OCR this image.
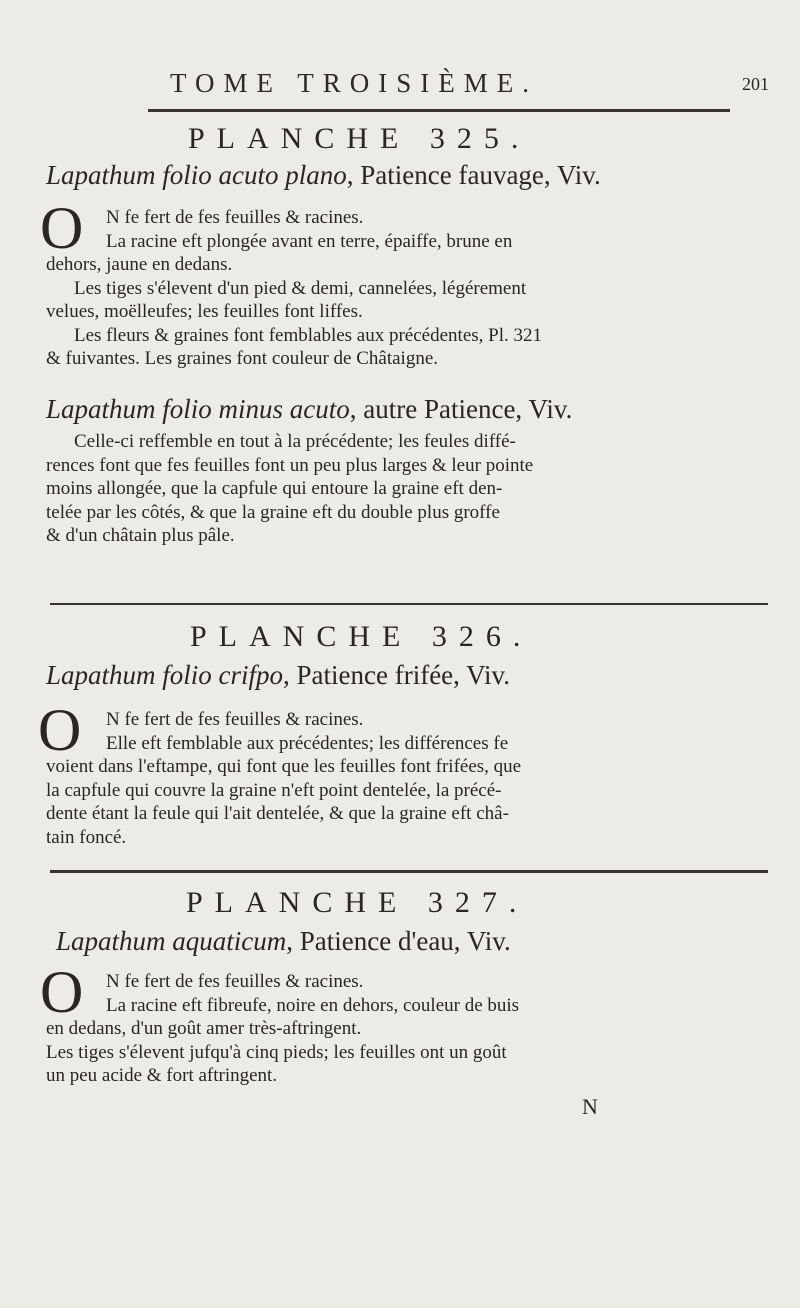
TOME TROISIÈME.	201
PLANCHE 325.
Lapathum folio acuto plano, Patience fauvage, Viv.
O	N fe fert de fes feuilles & racines.
La racine eft plongée avant en terre, épaiffe, brune en
dehors, jaune en dedans.
Les tiges s'élevent d'un pied & demi, cannelées, légérement
velues, moëlleufes; les feuilles font liffes.
Les fleurs & graines font femblables aux précédentes, Pl. 321
& fuivantes. Les graines font couleur de Châtaigne.
Lapathum folio minus acuto, autre Patience, Viv.
Celle-ci reffemble en tout à la précédente; les feules diffé-
rences font que fes feuilles font un peu plus larges & leur pointe
moins allongée, que la capfule qui entoure la graine eft den-
telée par les côtés, & que la graine eft du double plus groffe
& d'un châtain plus pâle.
PLANCHE 326.
Lapathum folio crifpo, Patience frifée, Viv.
O	N fe fert de fes feuilles & racines.
Elle eft femblable aux précédentes; les différences fe
voient dans l'eftampe, qui font que les feuilles font frifées, que
la capfule qui couvre la graine n'eft point dentelée, la précé-
dente étant la feule qui l'ait dentelée, & que la graine eft châ-
tain foncé.
PLANCHE 327.
Lapathum aquaticum, Patience d'eau, Viv.
O	N fe fert de fes feuilles & racines.
La racine eft fibreufe, noire en dehors, couleur de buis
en dedans, d'un goût amer très-aftringent.
Les tiges s'élevent jufqu'à cinq pieds; les feuilles ont un goût
un peu acide & fort aftringent.
N
